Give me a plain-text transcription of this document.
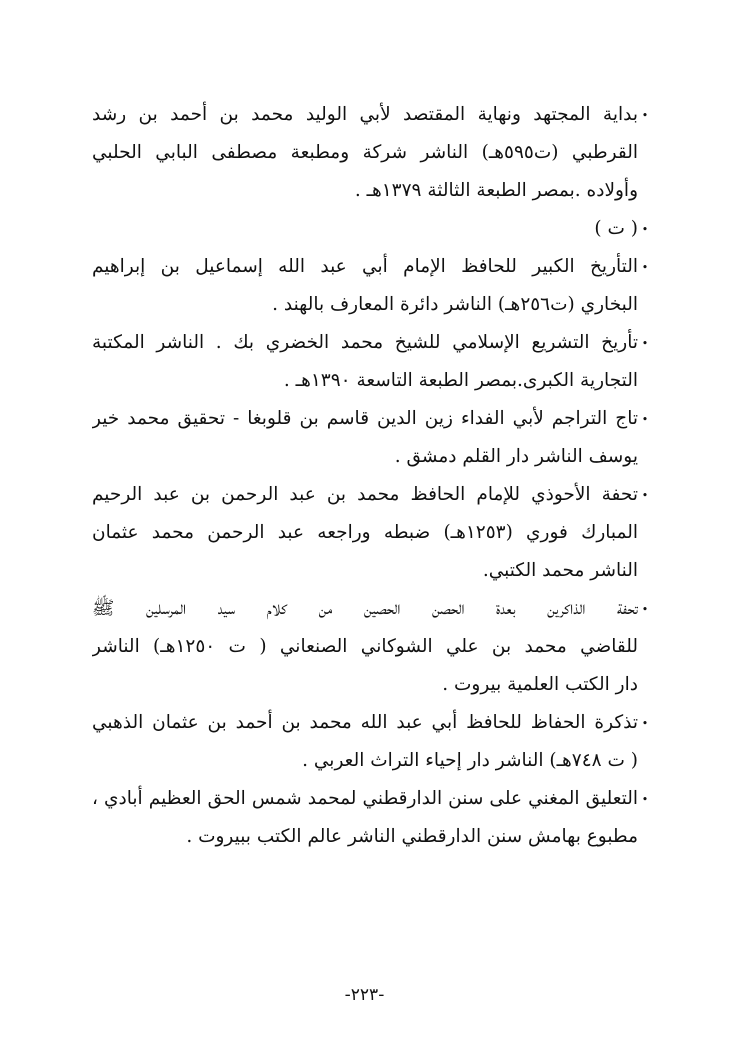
•
بداية المجتهد ونهاية المقتصد لأبي الوليد محمد بن أحمد بن رشد
القرطبي (ت٥٩٥هـ) الناشر شركة ومطبعة مصطفى البابي الحلبي
وأولاده .بمصر الطبعة الثالثة ١٣٧٩هـ .
•
( ت )
•
التأريخ الكبير للحافظ الإمام أبي عبد الله إسماعيل بن إبراهيم
البخاري (ت٢٥٦هـ) الناشر دائرة المعارف بالهند .
•
تأريخ التشريع الإسلامي للشيخ محمد الخضري بك . الناشر المكتبة
التجارية الكبرى.بمصر الطبعة التاسعة ١٣٩٠هـ .
•
تاج التراجم لأبي الفداء زين الدين قاسم بن قلوبغا - تحقيق محمد خير
يوسف الناشر دار القلم دمشق .
•
تحفة الأحوذي للإمام الحافظ محمد بن عبد الرحمن بن عبد الرحيم
المبارك فوري (١٢٥٣هـ) ضبطه وراجعه عبد الرحمن محمد عثمان
الناشر محمد الكتبي.
•
تحفة الذاكرين بعدة الحصن الحصين من كلام سيد المرسلين ﷺ
للقاضي محمد بن علي الشوكاني الصنعاني ( ت ١٢٥٠هـ) الناشر
دار الكتب العلمية بيروت .
•
تذكرة الحفاظ للحافظ أبي عبد الله محمد بن أحمد بن عثمان الذهبي
( ت ٧٤٨هـ) الناشر دار إحياء التراث العربي .
•
التعليق المغني على سنن الدارقطني لمحمد شمس الحق العظيم أبادي ،
مطبوع بهامش سنن الدارقطني الناشر عالم الكتب ببيروت .
-٢٢٣-
